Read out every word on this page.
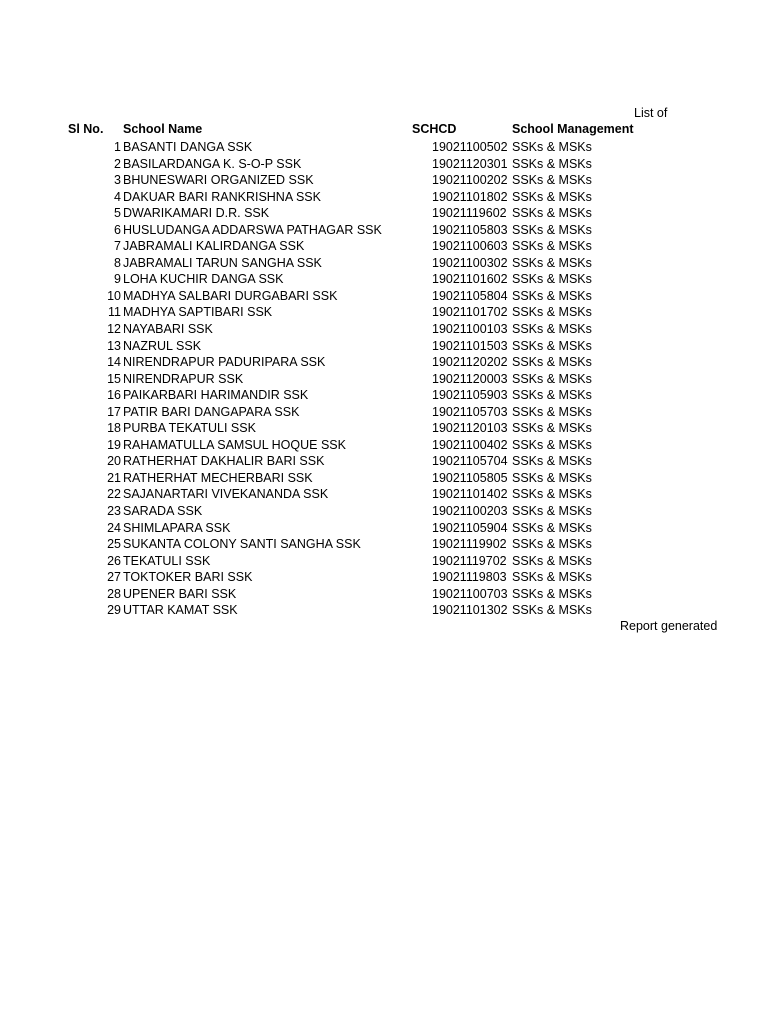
List of
Sl No. School Name	SCHCD	School Management
1 BASANTI DANGA SSK	19021100502 SSKs & MSKs
2 BASILARDANGA K. S-O-P SSK	19021120301 SSKs & MSKs
3 BHUNESWARI ORGANIZED SSK	19021100202 SSKs & MSKs
4 DAKUAR BARI RANKRISHNA SSK	19021101802 SSKs & MSKs
5 DWARIKAMARI D.R. SSK	19021119602 SSKs & MSKs
6 HUSLUDANGA ADDARSWA PATHAGAR SSK	19021105803 SSKs & MSKs
7 JABRAMALI KALIRDANGA SSK	19021100603 SSKs & MSKs
8 JABRAMALI TARUN SANGHA SSK	19021100302 SSKs & MSKs
9 LOHA KUCHIR DANGA SSK	19021101602 SSKs & MSKs
10 MADHYA SALBARI DURGABARI SSK	19021105804 SSKs & MSKs
11 MADHYA SAPTIBARI SSK	19021101702 SSKs & MSKs
12 NAYABARI SSK	19021100103 SSKs & MSKs
13 NAZRUL SSK	19021101503 SSKs & MSKs
14 NIRENDRAPUR PADURIPARA SSK	19021120202 SSKs & MSKs
15 NIRENDRAPUR SSK	19021120003 SSKs & MSKs
16 PAIKARBARI HARIMANDIR SSK	19021105903 SSKs & MSKs
17 PATIR BARI DANGAPARA SSK	19021105703 SSKs & MSKs
18 PURBA TEKATULI SSK	19021120103 SSKs & MSKs
19 RAHAMATULLA SAMSUL HOQUE SSK	19021100402 SSKs & MSKs
20 RATHERHAT DAKHALIR BARI SSK	19021105704 SSKs & MSKs
21 RATHERHAT MECHERBARI SSK	19021105805 SSKs & MSKs
22 SAJANARTARI VIVEKANANDA SSK	19021101402 SSKs & MSKs
23 SARADA SSK	19021100203 SSKs & MSKs
24 SHIMLAPARA SSK	19021105904 SSKs & MSKs
25 SUKANTA COLONY SANTI SANGHA SSK	19021119902 SSKs & MSKs
26 TEKATULI SSK	19021119702 SSKs & MSKs
27 TOKTOKER BARI SSK	19021119803 SSKs & MSKs
28 UPENER BARI SSK	19021100703 SSKs & MSKs
29 UTTAR KAMAT SSK	19021101302 SSKs & MSKs
Report generated
